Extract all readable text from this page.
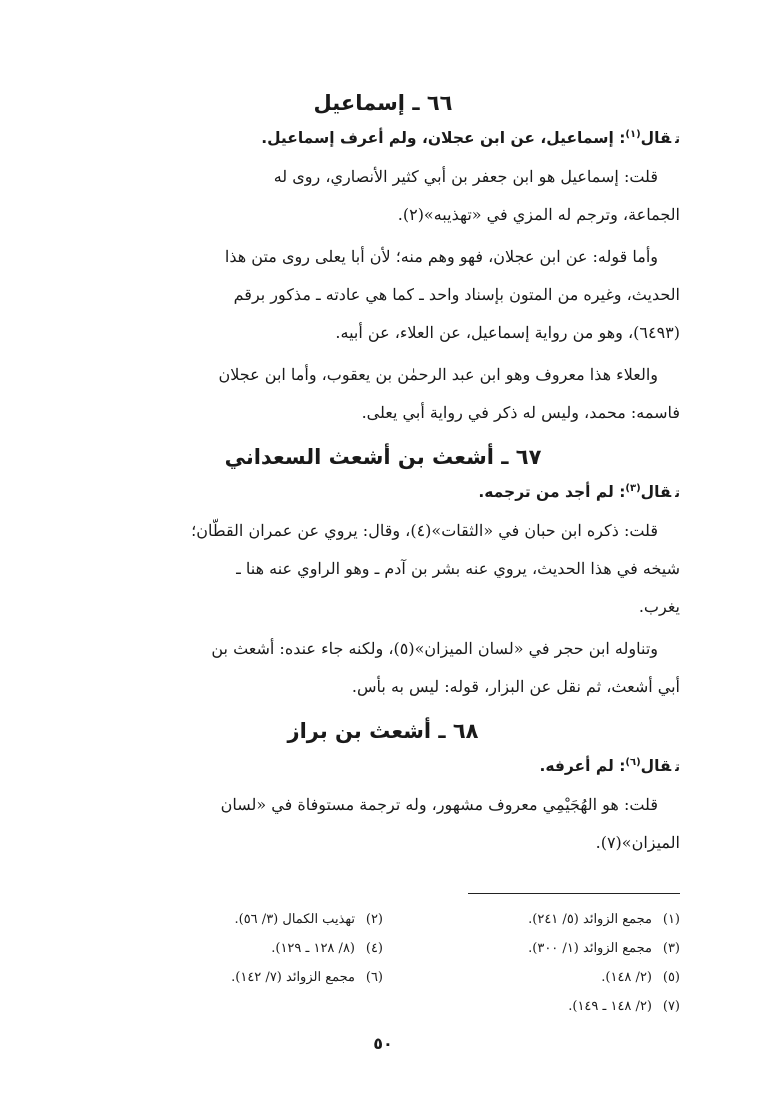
٦٦ ـ إسماعيل
تقال$^{(١)}$: إسماعيل، عن ابن عجلان، ولم أعرف إسماعيل.
قلت: إسماعيل هو ابن جعفر بن أبي كثير الأنصاري، روى له
الجماعة، وترجم له المزي في «تهذيبه»(٢).
وأما قوله: عن ابن عجلان، فهو وهم منه؛ لأن أبا يعلى روى متن هذا
الحديث، وغيره من المتون بإسناد واحد ـ كما هي عادته ـ مذكور برقم
(٦٤٩٣)، وهو من رواية إسماعيل، عن العلاء، عن أبيه.
والعلاء هذا معروف وهو ابن عبد الرحمٰن بن يعقوب، وأما ابن عجلان
فاسمه: محمد، وليس له ذكر في رواية أبي يعلى.
٦٧ ـ أشعث بن أشعث السعداني
تقال$^{(٣)}$: لم أجد من ترجمه.
قلت: ذكره ابن حبان في «الثقات»(٤)، وقال: يروي عن عمران القطّان؛
شيخه في هذا الحديث، يروي عنه بشر بن آدم ـ وهو الراوي عنه هنا ـ
يغرب.
وتناوله ابن حجر في «لسان الميزان»(٥)، ولكنه جاء عنده: أشعث بن
أبي أشعث، ثم نقل عن البزار، قوله: ليس به بأس.
٦٨ ـ أشعث بن براز
تقال$^{(٦)}$: لم أعرفه.
قلت: هو الهُجَيْمِي معروف مشهور، وله ترجمة مستوفاة في «لسان
الميزان»(٧).
(١)مجمع الزوائد (٥/ ٢٤١).
(٢)تهذيب الكمال (٣/ ٥٦).
(٣)مجمع الزوائد (١/ ٣٠٠).
(٤)(٨/ ١٢٨ ـ ١٢٩).
(٥)(٢/ ١٤٨).
(٦)مجمع الزوائد (٧/ ١٤٢).
(٧)(٢/ ١٤٨ ـ ١٤٩).
٥٠
